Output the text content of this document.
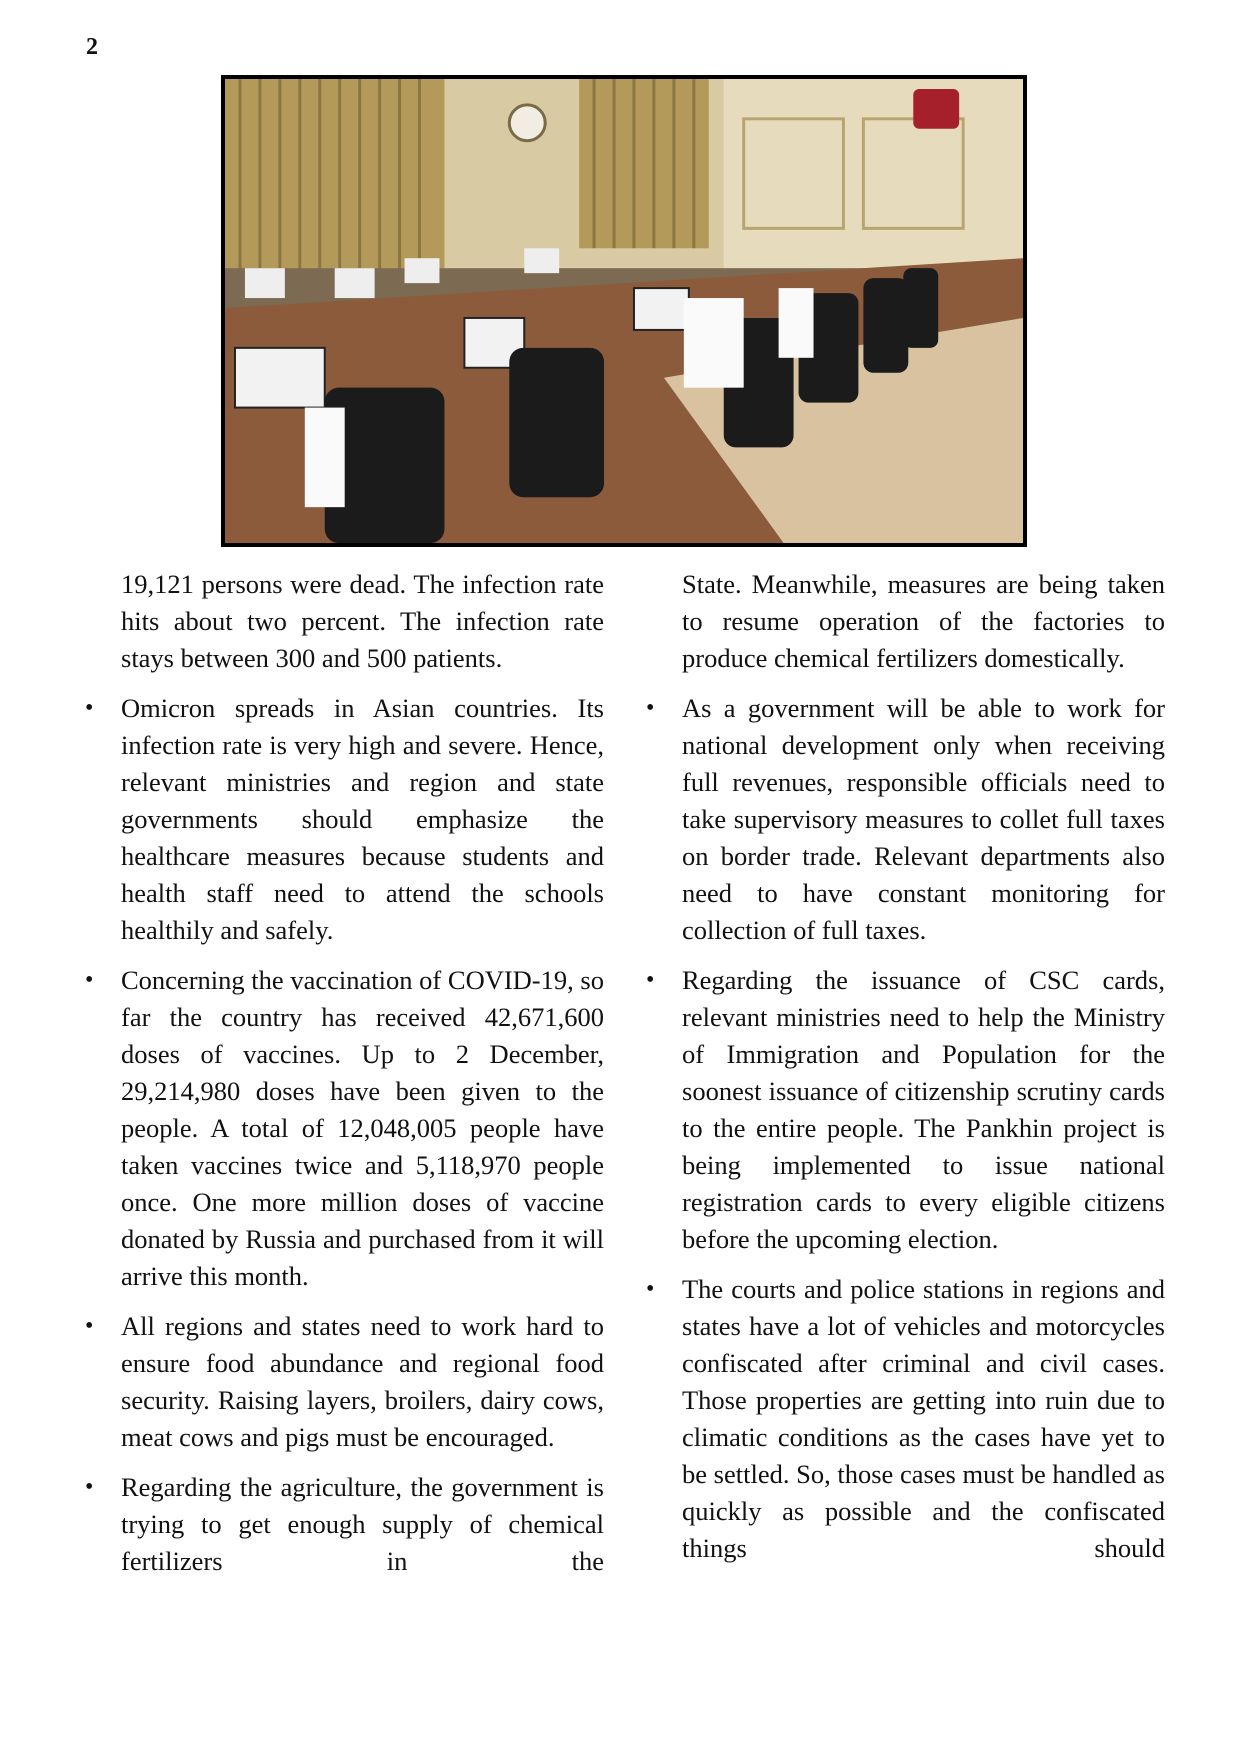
2

19,121 persons were dead. The infection rate hits about two percent. The infection rate stays between 300 and 500 patients.

• Omicron spreads in Asian countries. Its infection rate is very high and severe. Hence, relevant ministries and region and state governments should emphasize the healthcare measures because students and health staff need to attend the schools healthily and safely.
• Concerning the vaccination of COVID-19, so far the country has received 42,671,600 doses of vaccines. Up to 2 December, 29,214,980 doses have been given to the people. A total of 12,048,005 people have taken vaccines twice and 5,118,970 people once. One more million doses of vaccine donated by Russia and purchased from it will arrive this month.
• All regions and states need to work hard to ensure food abundance and regional food security. Raising layers, broilers, dairy cows, meat cows and pigs must be encouraged.
• Regarding the agriculture, the government is trying to get enough supply of chemical fertilizers in the

State. Meanwhile, measures are being taken to resume operation of the factories to produce chemical fertilizers domestically.

• As a government will be able to work for national development only when receiving full revenues, responsible officials need to take supervisory measures to collet full taxes on border trade. Relevant departments also need to have constant monitoring for collection of full taxes.
• Regarding the issuance of CSC cards, relevant ministries need to help the Ministry of Immigration and Population for the soonest issuance of citizenship scrutiny cards to the entire people. The Pankhin project is being implemented to issue national registration cards to every eligible citizens before the upcoming election.
• The courts and police stations in regions and states have a lot of vehicles and motorcycles confiscated after criminal and civil cases. Those properties are getting into ruin due to climatic conditions as the cases have yet to be settled. So, those cases must be handled as quickly as possible and the confiscated things should
